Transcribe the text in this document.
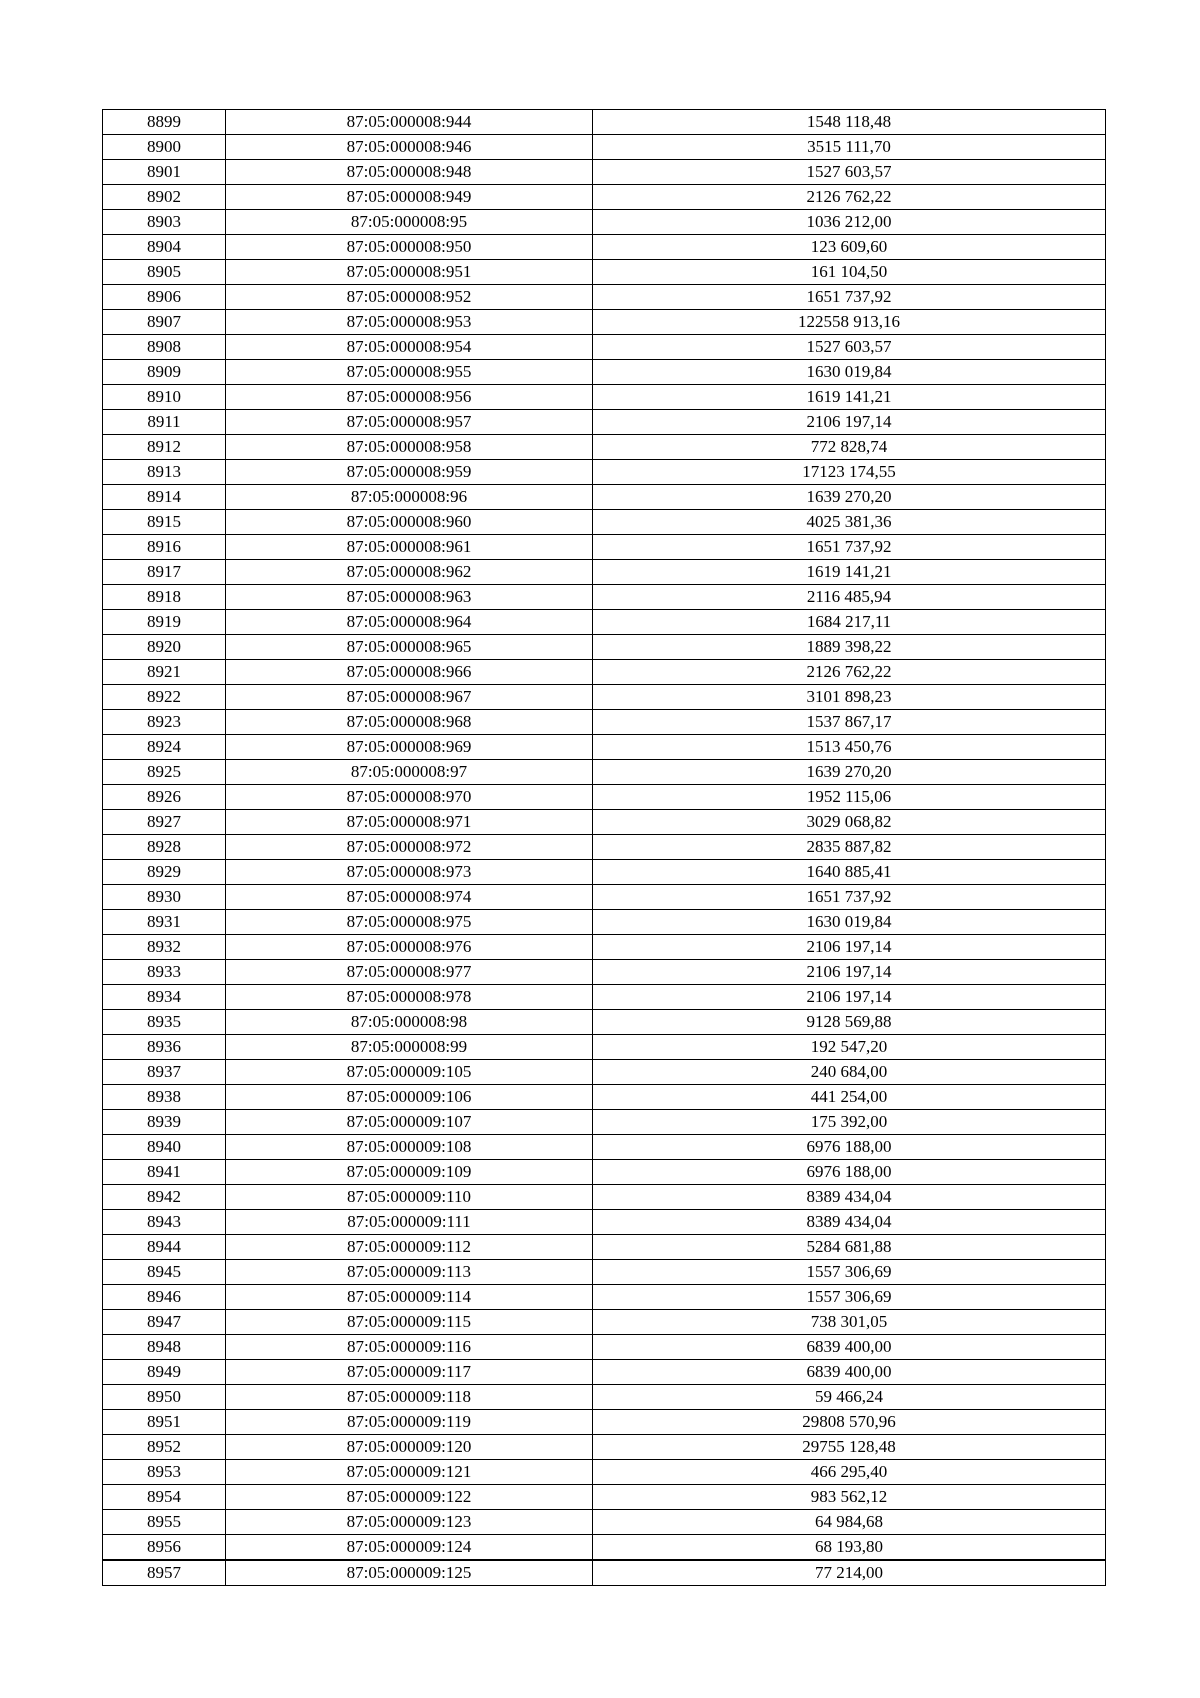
8899	87:05:000008:944	1548 118,48
8900	87:05:000008:946	3515 111,70
8901	87:05:000008:948	1527 603,57
8902	87:05:000008:949	2126 762,22
8903	87:05:000008:95	1036 212,00
8904	87:05:000008:950	123 609,60
8905	87:05:000008:951	161 104,50
8906	87:05:000008:952	1651 737,92
8907	87:05:000008:953	122558 913,16
8908	87:05:000008:954	1527 603,57
8909	87:05:000008:955	1630 019,84
8910	87:05:000008:956	1619 141,21
8911	87:05:000008:957	2106 197,14
8912	87:05:000008:958	772 828,74
8913	87:05:000008:959	17123 174,55
8914	87:05:000008:96	1639 270,20
8915	87:05:000008:960	4025 381,36
8916	87:05:000008:961	1651 737,92
8917	87:05:000008:962	1619 141,21
8918	87:05:000008:963	2116 485,94
8919	87:05:000008:964	1684 217,11
8920	87:05:000008:965	1889 398,22
8921	87:05:000008:966	2126 762,22
8922	87:05:000008:967	3101 898,23
8923	87:05:000008:968	1537 867,17
8924	87:05:000008:969	1513 450,76
8925	87:05:000008:97	1639 270,20
8926	87:05:000008:970	1952 115,06
8927	87:05:000008:971	3029 068,82
8928	87:05:000008:972	2835 887,82
8929	87:05:000008:973	1640 885,41
8930	87:05:000008:974	1651 737,92
8931	87:05:000008:975	1630 019,84
8932	87:05:000008:976	2106 197,14
8933	87:05:000008:977	2106 197,14
8934	87:05:000008:978	2106 197,14
8935	87:05:000008:98	9128 569,88
8936	87:05:000008:99	192 547,20
8937	87:05:000009:105	240 684,00
8938	87:05:000009:106	441 254,00
8939	87:05:000009:107	175 392,00
8940	87:05:000009:108	6976 188,00
8941	87:05:000009:109	6976 188,00
8942	87:05:000009:110	8389 434,04
8943	87:05:000009:111	8389 434,04
8944	87:05:000009:112	5284 681,88
8945	87:05:000009:113	1557 306,69
8946	87:05:000009:114	1557 306,69
8947	87:05:000009:115	738 301,05
8948	87:05:000009:116	6839 400,00
8949	87:05:000009:117	6839 400,00
8950	87:05:000009:118	59 466,24
8951	87:05:000009:119	29808 570,96
8952	87:05:000009:120	29755 128,48
8953	87:05:000009:121	466 295,40
8954	87:05:000009:122	983 562,12
8955	87:05:000009:123	64 984,68
8956	87:05:000009:124	68 193,80
8957	87:05:000009:125	77 214,00
